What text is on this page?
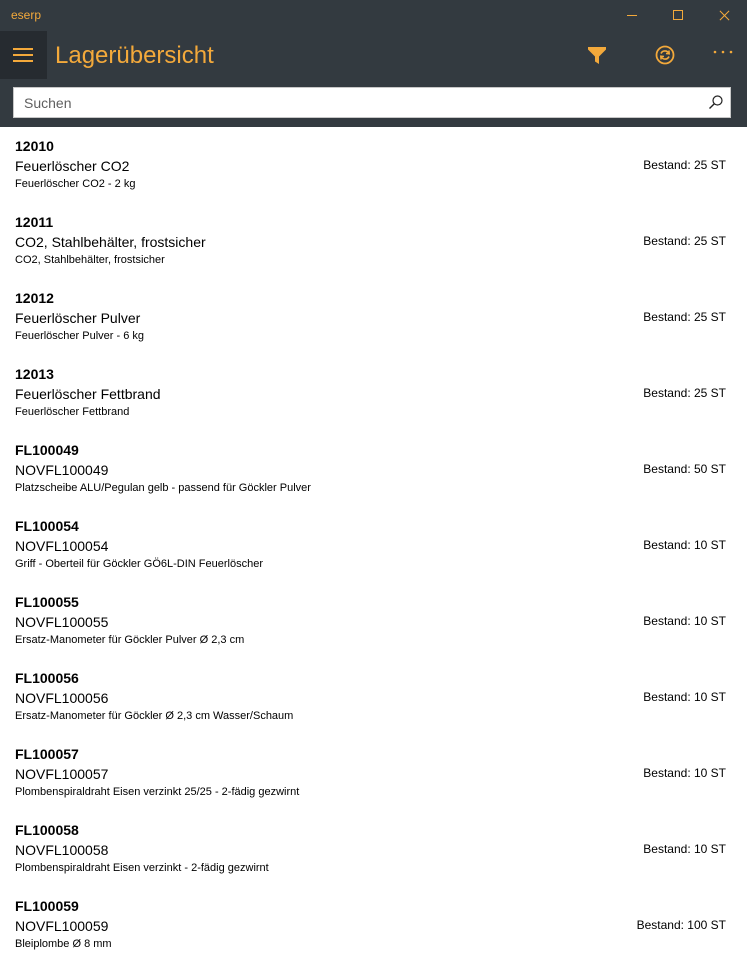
eserp
Lagerübersicht
Suchen
12010
Feuerlöscher CO2
Feuerlöscher CO2 - 2 kg
Bestand: 25 ST
12011
CO2, Stahlbehälter, frostsicher
CO2, Stahlbehälter, frostsicher
Bestand: 25 ST
12012
Feuerlöscher Pulver
Feuerlöscher Pulver - 6 kg
Bestand: 25 ST
12013
Feuerlöscher Fettbrand
Feuerlöscher Fettbrand
Bestand: 25 ST
FL100049
NOVFL100049
Platzscheibe ALU/Pegulan gelb - passend für Göckler Pulver
Bestand: 50 ST
FL100054
NOVFL100054
Griff - Oberteil für Göckler GÖ6L-DIN Feuerlöscher
Bestand: 10 ST
FL100055
NOVFL100055
Ersatz-Manometer für Göckler Pulver Ø 2,3 cm
Bestand: 10 ST
FL100056
NOVFL100056
Ersatz-Manometer für Göckler Ø 2,3 cm Wasser/Schaum
Bestand: 10 ST
FL100057
NOVFL100057
Plombenspiraldraht Eisen verzinkt 25/25 - 2-fädig gezwirnt
Bestand: 10 ST
FL100058
NOVFL100058
Plombenspiraldraht Eisen verzinkt - 2-fädig gezwirnt
Bestand: 10 ST
FL100059
NOVFL100059
Bleiplombe Ø 8 mm
Bestand: 100 ST
